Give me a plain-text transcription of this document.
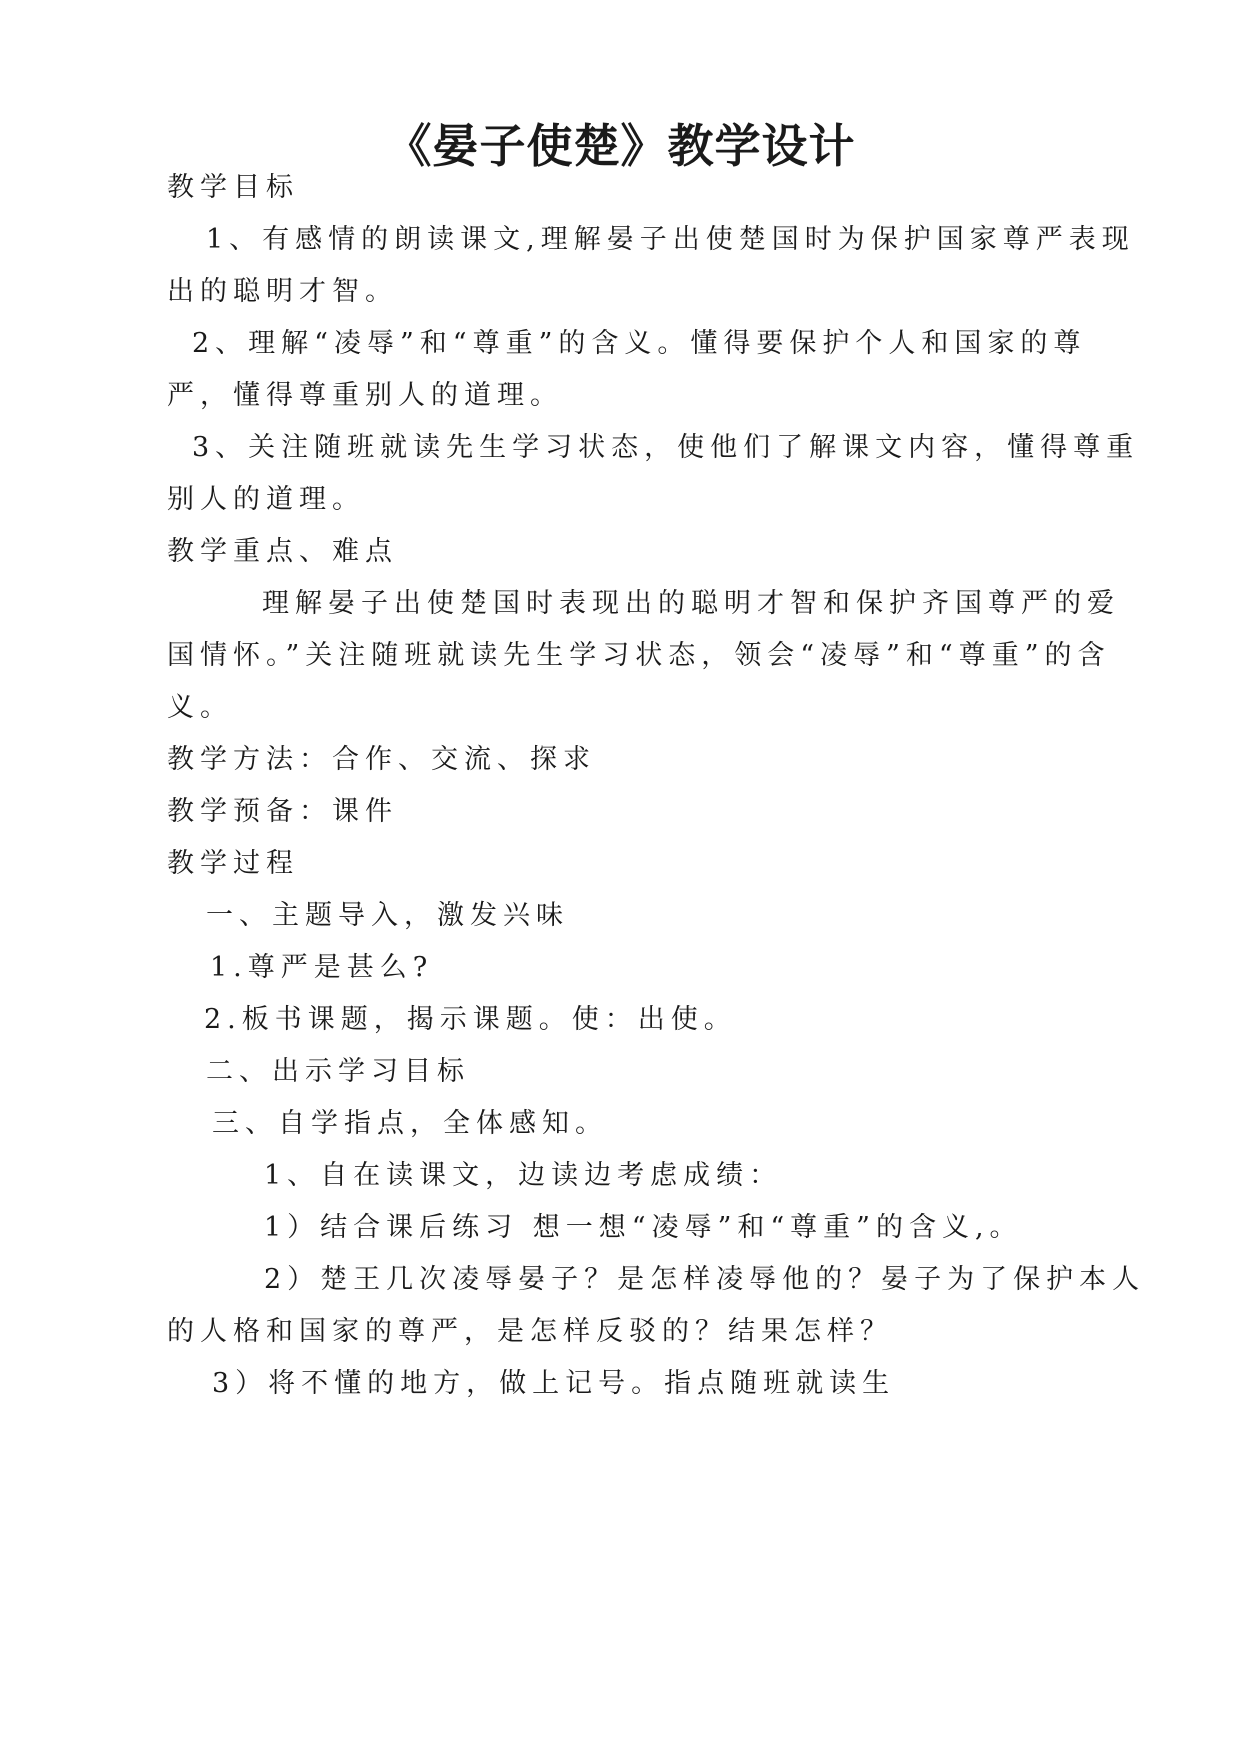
《晏子使楚》教学设计
教学目标
1、有感情的朗读课文,理解晏子出使楚国时为保护国家尊严表现
出的聪明才智。
2、理解“凌辱”和“尊重”的含义。懂得要保护个人和国家的尊
严，懂得尊重别人的道理。
3、关注随班就读先生学习状态，使他们了解课文内容，懂得尊重
别人的道理。
教学重点、难点
理解晏子出使楚国时表现出的聪明才智和保护齐国尊严的爱
国情怀。”关注随班就读先生学习状态，领会“凌辱”和“尊重”的含
义。
教学方法：合作、交流、探求
教学预备：课件
教学过程
一、主题导入，激发兴味
1.尊严是甚么?
2.板书课题，揭示课题。使：出使。
二、出示学习目标
三、自学指点，全体感知。
1、自在读课文，边读边考虑成绩：
1）结合课后练习 想一想“凌辱”和“尊重”的含义,。
2）楚王几次凌辱晏子？是怎样凌辱他的？晏子为了保护本人
的人格和国家的尊严，是怎样反驳的？结果怎样？
3）将不懂的地方，做上记号。指点随班就读生
